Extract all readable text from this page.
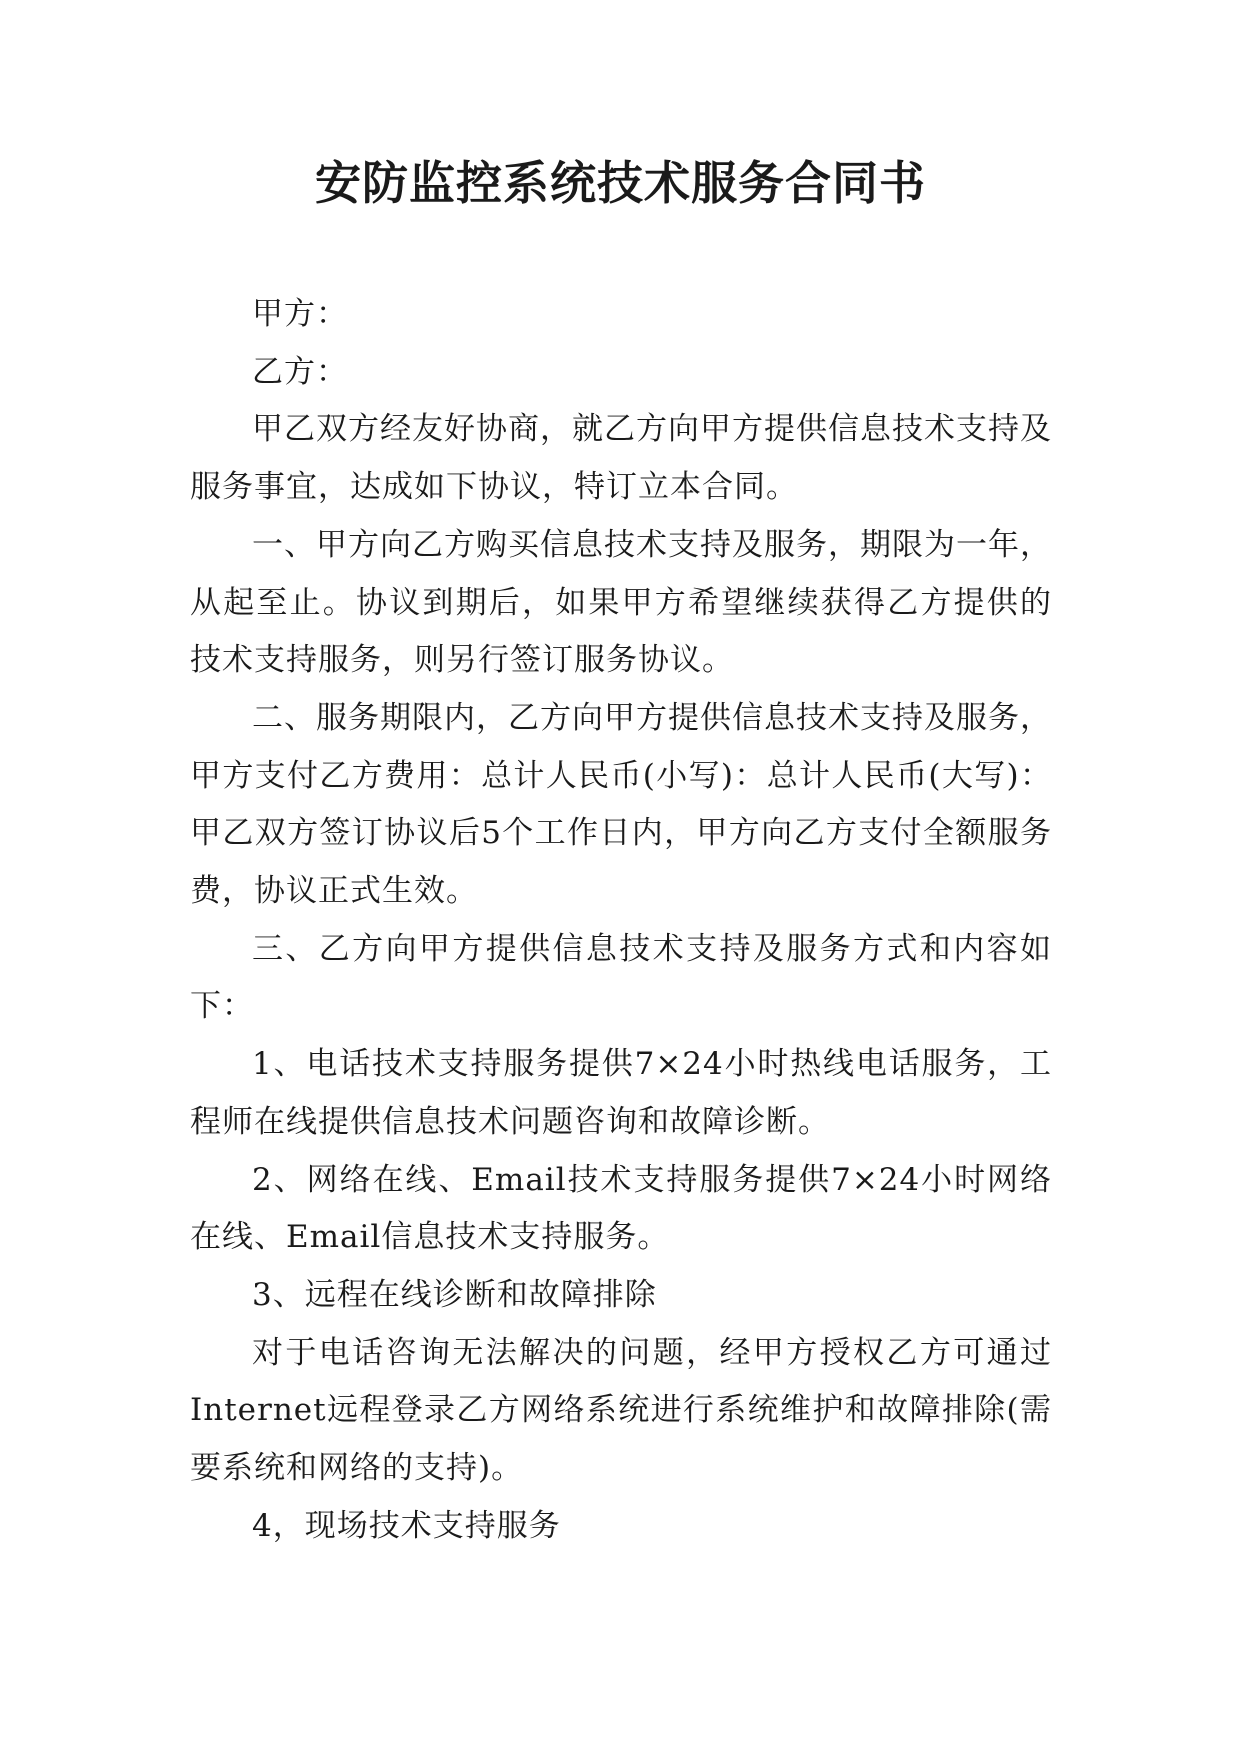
安防监控系统技术服务合同书

甲方：

乙方：

甲乙双方经友好协商，就乙方向甲方提供信息技术支持及服务事宜，达成如下协议，特订立本合同。

一、甲方向乙方购买信息技术支持及服务，期限为一年，从起至止。协议到期后，如果甲方希望继续获得乙方提供的技术支持服务，则另行签订服务协议。

二、服务期限内，乙方向甲方提供信息技术支持及服务，甲方支付乙方费用：总计人民币(小写)：总计人民币(大写)：甲乙双方签订协议后5个工作日内，甲方向乙方支付全额服务费，协议正式生效。

三、乙方向甲方提供信息技术支持及服务方式和内容如下：

1、电话技术支持服务提供7×24小时热线电话服务，工程师在线提供信息技术问题咨询和故障诊断。

2、网络在线、Email技术支持服务提供7×24小时网络在线、Email信息技术支持服务。

3、远程在线诊断和故障排除

对于电话咨询无法解决的问题，经甲方授权乙方可通过Internet远程登录乙方网络系统进行系统维护和故障排除(需要系统和网络的支持)。

4，现场技术支持服务
